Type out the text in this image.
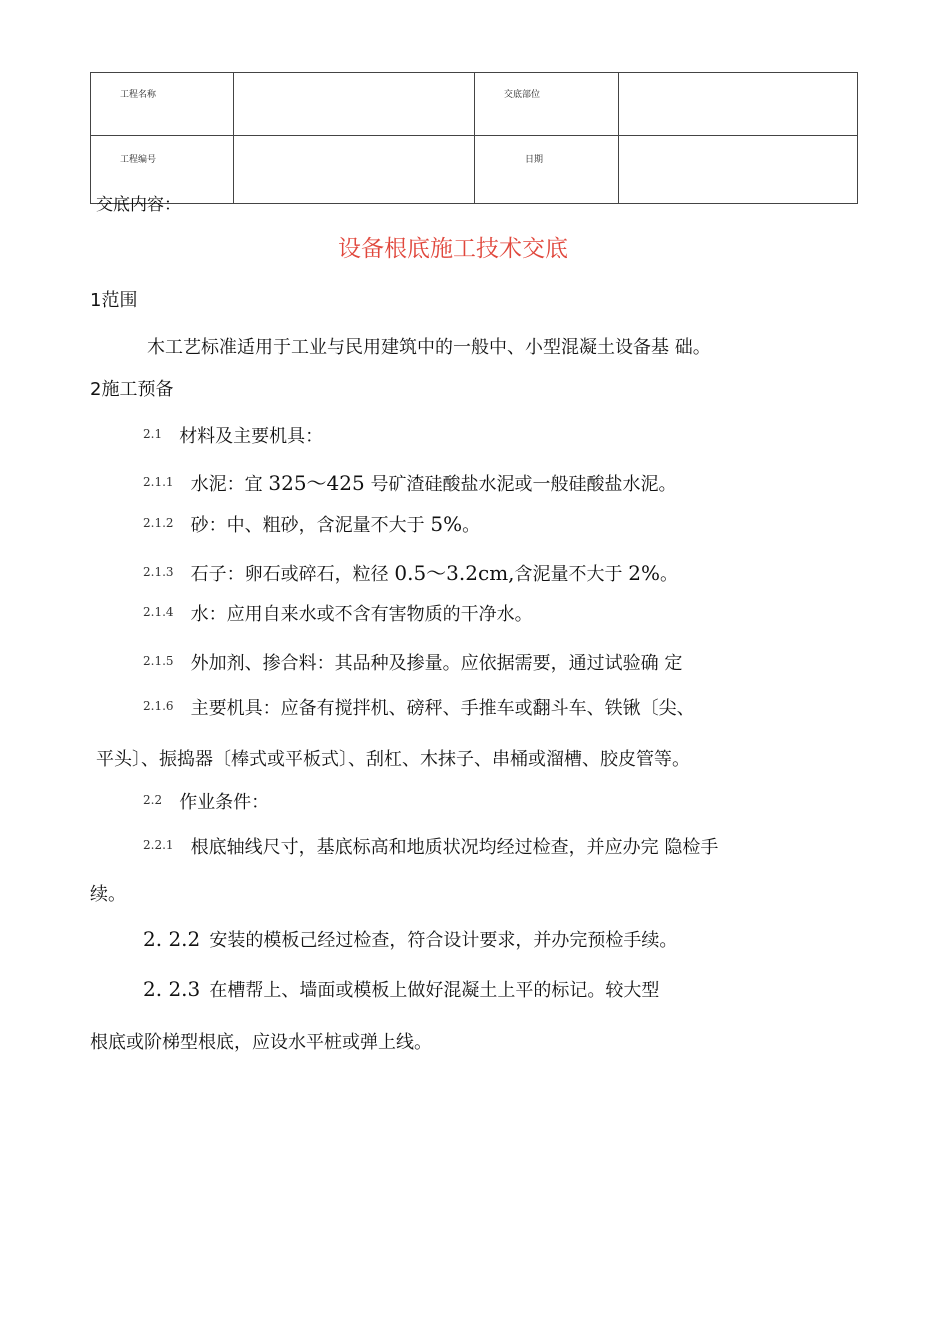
工程名称		交底部位	

工程编号		日期	

交底内容：
设备根底施工技术交底
1范围
木工艺标准适用于工业与民用建筑中的一般中、小型混凝土设备基 础。
2施工预备
2.1 材料及主要机具：
2.1.1 水泥：宜 325～425 号矿渣硅酸盐水泥或一般硅酸盐水泥。
2.1.2 砂：中、粗砂，含泥量不大于 5%。
2.1.3 石子：卵石或碎石，粒径 0.5～3.2cm,含泥量不大于 2%。
2.1.4 水：应用自来水或不含有害物质的干净水。
2.1.5 外加剂、掺合料：其品种及掺量。应依据需要，通过试验确 定
2.1.6 主要机具：应备有搅拌机、磅秤、手推车或翻斗车、铁锹〔尖、
平头〕、振捣器〔棒式或平板式〕、刮杠、木抹子、串桶或溜槽、胶皮管等。
2.2 作业条件：
2.2.1 根底轴线尺寸，基底标高和地质状况均经过检查，并应办完 隐检手
续。
2. 2.2 安装的模板己经过检查，符合设计要求，并办完预检手续。
2. 2.3 在槽帮上、墙面或模板上做好混凝土上平的标记。较大型
根底或阶梯型根底，应设水平桩或弹上线。
